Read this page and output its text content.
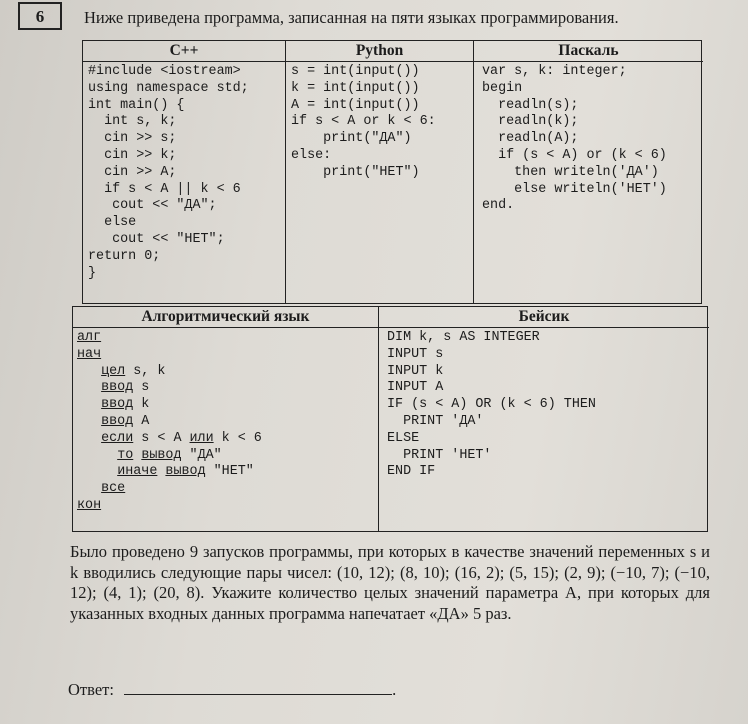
6	Ниже приведена программа, записанная на пяти языках программирования.
C++
#include <iostream>
using namespace std;
int main() {
int s, k;
cin >> s;
cin >> k;
cin >> A;
if s < A || k < 6
cout << "ДА";
else
cout << "НЕТ";
return 0;
}
Python
s = int(input())
k = int(input())
A = int(input())
if s < A or k < 6:
print("ДА")
else:
print("НЕТ")
Паскаль
var s, k: integer;
begin
readln(s);
readln(k);
readln(A);
if (s < A) or (k < 6)
then writeln('ДА')
else writeln('НЕТ')
end.
Алгоритмический язык
алг
нач
цел s, k
ввод s
ввод k
ввод A
если s < A или k < 6
то вывод "ДА"
иначе вывод "НЕТ"
все
кон
Бейсик
DIM k, s AS INTEGER
INPUT s
INPUT k
INPUT A
IF (s < A) OR (k < 6) THEN
PRINT 'ДА'
ELSE
PRINT 'НЕТ'
END IF
Было проведено 9 запусков программы, при которых в качестве значений переменных s и k вводились следующие пары чисел: (10, 12); (8, 10); (16, 2); (5, 15); (2, 9); (−10, 7); (−10, 12); (4, 1); (20, 8). Укажите количество целых значений параметра A, при которых для указанных входных данных программа напечатает «ДА» 5 раз.
Ответ:	.
